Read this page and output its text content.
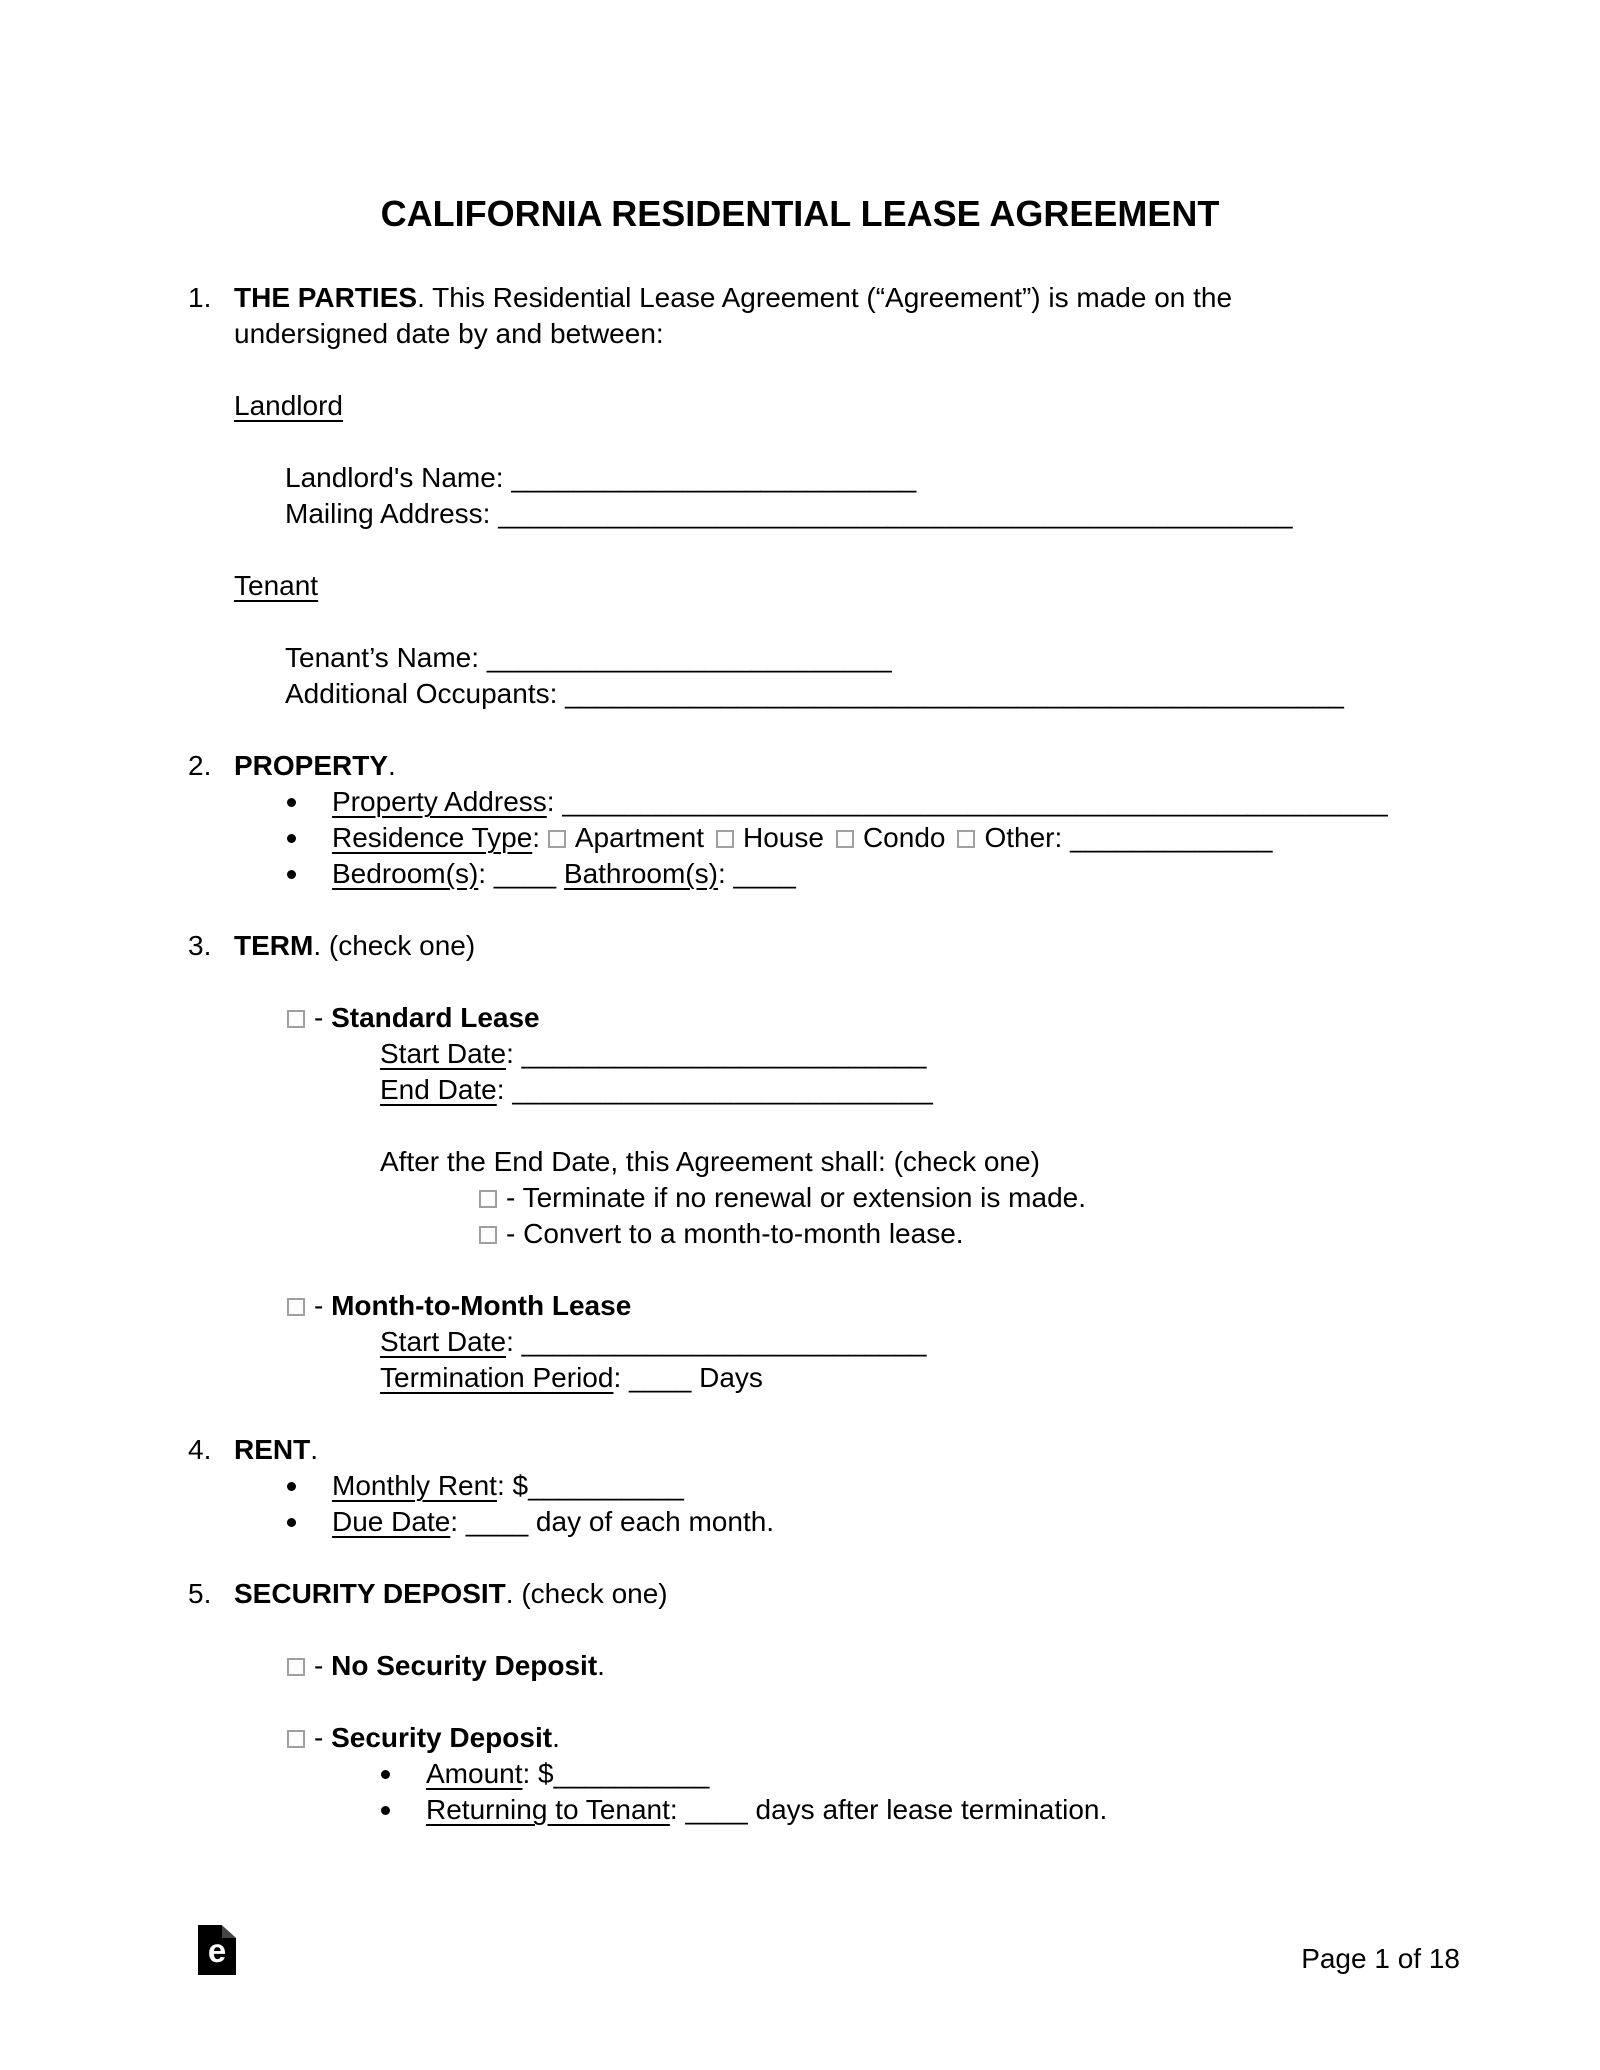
CALIFORNIA RESIDENTIAL LEASE AGREEMENT

1. THE PARTIES. This Residential Lease Agreement (“Agreement”) is made on the
undersigned date by and between:

Landlord

Landlord's Name: __________________________

Mailing Address: ___________________________________________________

Tenant

Tenant’s Name: __________________________

Additional Occupants: __________________________________________________

2. PROPERTY.

Property Address: _____________________________________________________

Residence Type: Apartment House Condo Other: _____________

Bedroom(s): ____ Bathroom(s): ____

3. TERM. (check one)

- Standard Lease

Start Date: __________________________

End Date: ___________________________

After the End Date, this Agreement shall: (check one)

- Terminate if no renewal or extension is made.

- Convert to a month-to-month lease.

- Month-to-Month Lease

Start Date: __________________________

Termination Period: ____ Days

4. RENT.

Monthly Rent: $__________

Due Date: ____ day of each month.

5. SECURITY DEPOSIT. (check one)

- No Security Deposit.

- Security Deposit.

Amount: $__________

Returning to Tenant: ____ days after lease termination.

e	Page 1 of 18
